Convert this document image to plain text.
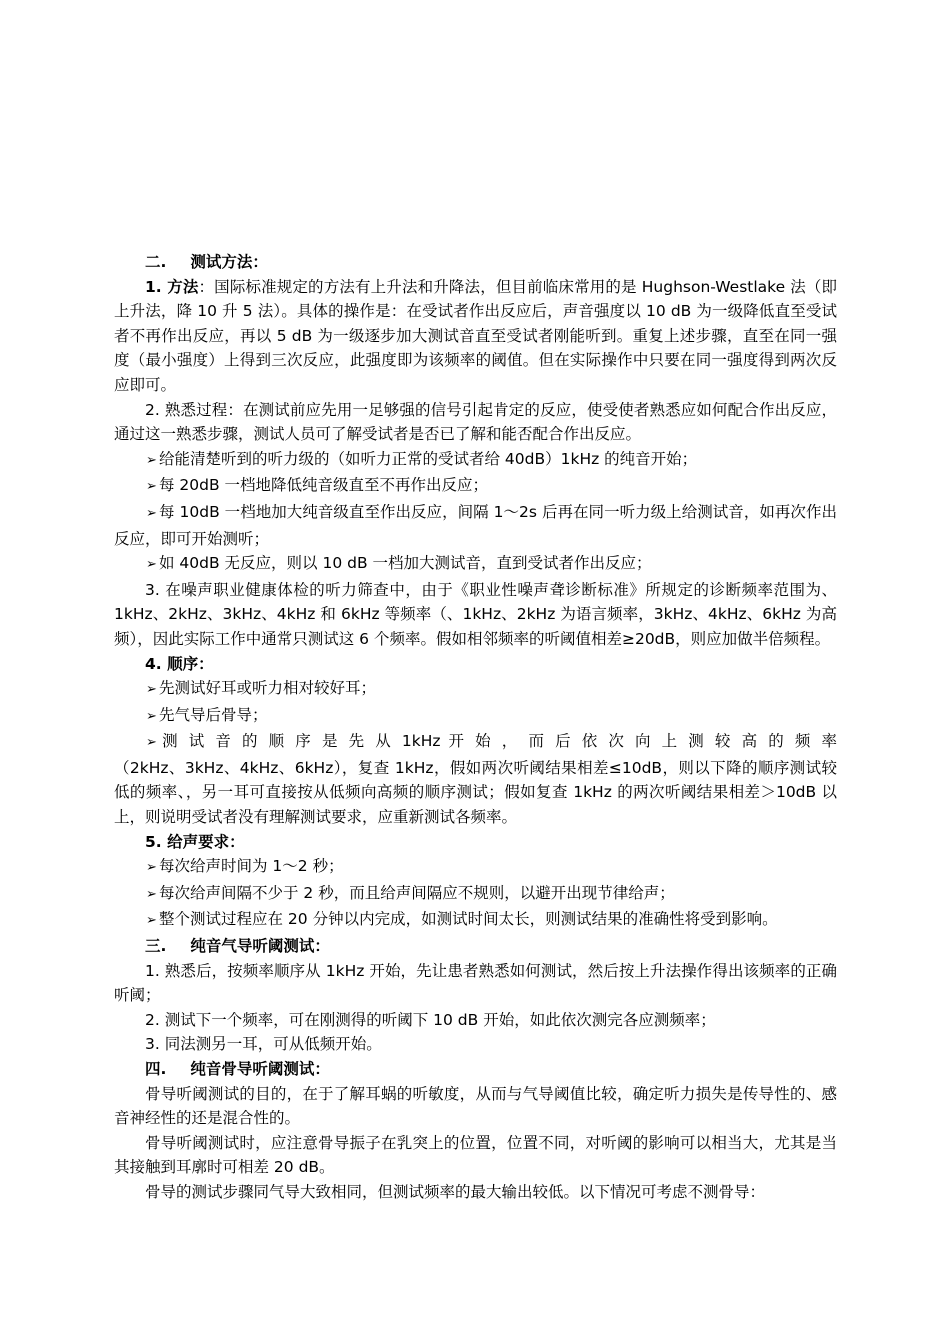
二. 测试方法：

1. 方法：国际标准规定的方法有上升法和升降法，但目前临床常用的是 Hughson-Westlake 法（即上升法，降 10 升 5 法）。具体的操作是：在受试者作出反应后，声音强度以 10 dB 为一级降低直至受试者不再作出反应，再以 5 dB 为一级逐步加大测试音直至受试者刚能听到。重复上述步骤，直至在同一强度（最小强度）上得到三次反应，此强度即为该频率的阈值。但在实际操作中只要在同一强度得到两次反应即可。

2. 熟悉过程：在测试前应先用一足够强的信号引起肯定的反应，使受使者熟悉应如何配合作出反应，通过这一熟悉步骤，测试人员可了解受试者是否已了解和能否配合作出反应。

➢ 给能清楚听到的听力级的（如听力正常的受试者给 40dB）1kHz 的纯音开始；

➢ 每 20dB 一档地降低纯音级直至不再作出反应；

➢ 每 10dB 一档地加大纯音级直至作出反应，间隔 1～2s 后再在同一听力级上给测试音，如再次作出反应，即可开始测听；

➢ 如 40dB 无反应，则以 10 dB 一档加大测试音，直到受试者作出反应；

3. 在噪声职业健康体检的听力筛查中，由于《职业性噪声聋诊断标准》所规定的诊断频率范围为、1kHz、2kHz、3kHz、4kHz 和 6kHz 等频率（、1kHz、2kHz 为语言频率，3kHz、4kHz、6kHz 为高频），因此实际工作中通常只测试这 6 个频率。假如相邻频率的听阈值相差≥20dB，则应加做半倍频程。

4. 顺序：

➢ 先测试好耳或听力相对较好耳；

➢ 先气导后骨导；

➢ 测 试 音 的 顺 序 是 先 从 1kHz 开 始 ， 而 后 依 次 向 上 测 较 高 的 频 率

（2kHz、3kHz、4kHz、6kHz），复查 1kHz，假如两次听阈结果相差≤10dB，则以下降的顺序测试较低的频率、，另一耳可直接按从低频向高频的顺序测试；假如复查 1kHz 的两次听阈结果相差＞10dB 以上，则说明受试者没有理解测试要求，应重新测试各频率。

5. 给声要求：

➢ 每次给声时间为 1～2 秒；

➢ 每次给声间隔不少于 2 秒，而且给声间隔应不规则，以避开出现节律给声；

➢ 整个测试过程应在 20 分钟以内完成，如测试时间太长，则测试结果的准确性将受到影响。

三. 纯音气导听阈测试：

1. 熟悉后，按频率顺序从 1kHz 开始，先让患者熟悉如何测试，然后按上升法操作得出该频率的正确听阈；

2. 测试下一个频率，可在刚测得的听阈下 10 dB 开始，如此依次测完各应测频率；

3. 同法测另一耳，可从低频开始。

四. 纯音骨导听阈测试：

骨导听阈测试的目的，在于了解耳蜗的听敏度，从而与气导阈值比较，确定听力损失是传导性的、感音神经性的还是混合性的。

骨导听阈测试时，应注意骨导振子在乳突上的位置，位置不同，对听阈的影响可以相当大，尤其是当其接触到耳廓时可相差 20 dB。

骨导的测试步骤同气导大致相同，但测试频率的最大输出较低。以下情况可考虑不测骨导：
